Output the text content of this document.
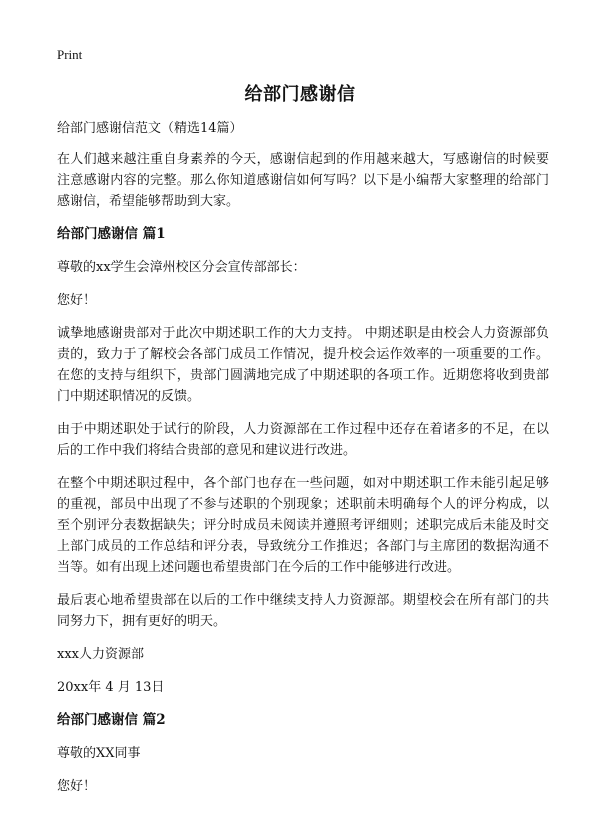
Print
给部门感谢信

给部门感谢信范文（精选14篇）

在人们越来越注重自身素养的今天，感谢信起到的作用越来越大，写感谢信的时候要注意感谢内容的完整。那么你知道感谢信如何写吗？以下是小编帮大家整理的给部门感谢信，希望能够帮助到大家。

给部门感谢信 篇1

尊敬的xx学生会漳州校区分会宣传部部长：

您好！

诚挚地感谢贵部对于此次中期述职工作的大力支持。 中期述职是由校会人力资源部负责的，致力于了解校会各部门成员工作情况，提升校会运作效率的一项重要的工作。在您的支持与组织下，贵部门圆满地完成了中期述职的各项工作。近期您将收到贵部门中期述职情况的反馈。

由于中期述职处于试行的阶段，人力资源部在工作过程中还存在着诸多的不足，在以后的工作中我们将结合贵部的意见和建议进行改进。

在整个中期述职过程中，各个部门也存在一些问题，如对中期述职工作未能引起足够的重视，部员中出现了不参与述职的个别现象；述职前未明确每个人的评分构成，以至个别评分表数据缺失；评分时成员未阅读并遵照考评细则；述职完成后未能及时交上部门成员的工作总结和评分表，导致统分工作推迟；各部门与主席团的数据沟通不当等。如有出现上述问题也希望贵部门在今后的工作中能够进行改进。

最后衷心地希望贵部在以后的工作中继续支持人力资源部。期望校会在所有部门的共同努力下，拥有更好的明天。

xxx人力资源部

20xx年 4 月 13日

给部门感谢信 篇2

尊敬的XX同事

您好！
